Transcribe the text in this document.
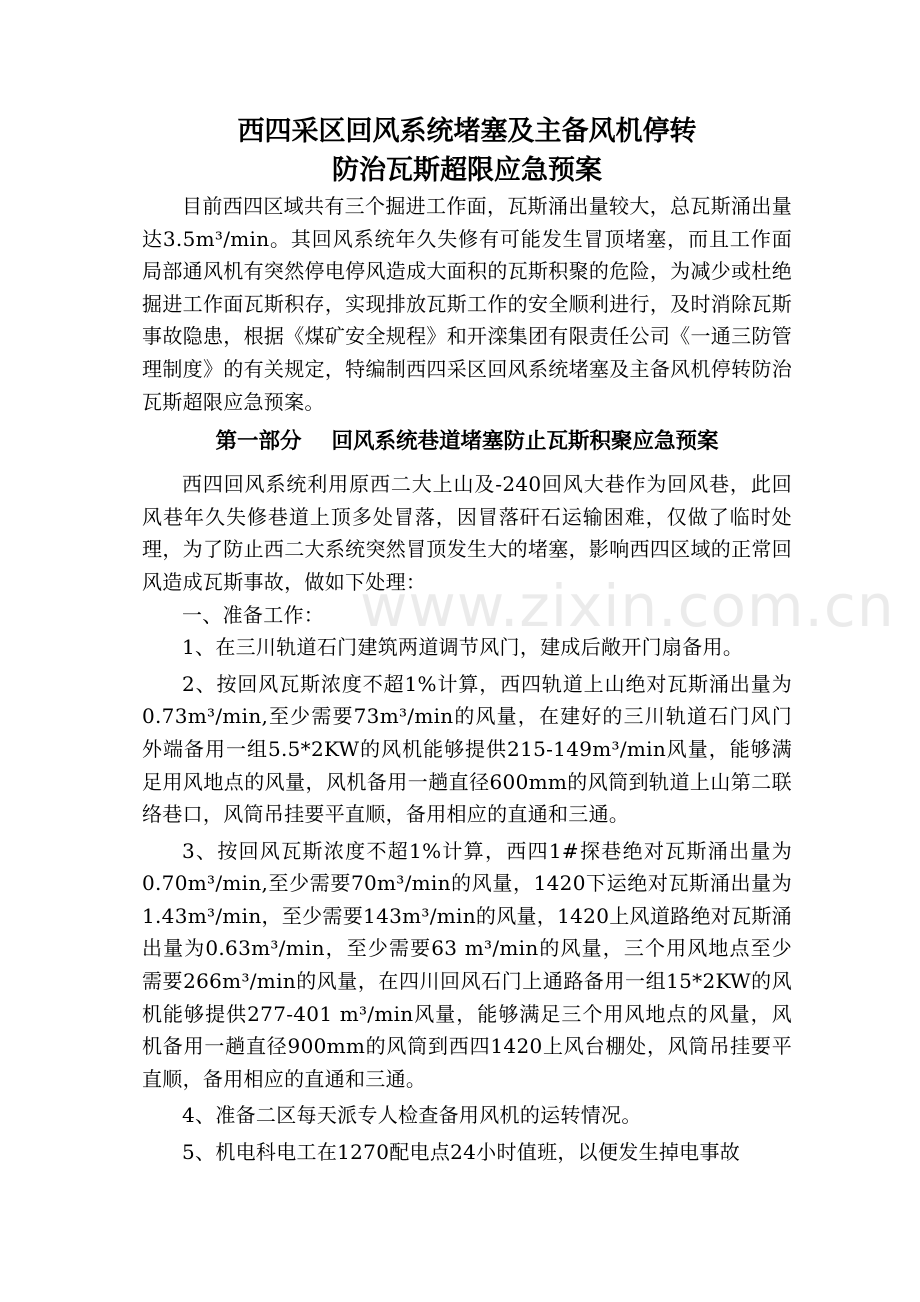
西四采区回风系统堵塞及主备风机停转
防治瓦斯超限应急预案

目前西四区域共有三个掘进工作面，瓦斯涌出量较大，总瓦斯涌出量达3.5m³/min。其回风系统年久失修有可能发生冒顶堵塞，而且工作面局部通风机有突然停电停风造成大面积的瓦斯积聚的危险，为减少或杜绝掘进工作面瓦斯积存，实现排放瓦斯工作的安全顺利进行，及时消除瓦斯事故隐患，根据《煤矿安全规程》和开滦集团有限责任公司《一通三防管理制度》的有关规定，特编制西四采区回风系统堵塞及主备风机停转防治瓦斯超限应急预案。

第一部分    回风系统巷道堵塞防止瓦斯积聚应急预案

西四回风系统利用原西二大上山及-240回风大巷作为回风巷，此回风巷年久失修巷道上顶多处冒落，因冒落矸石运输困难，仅做了临时处理，为了防止西二大系统突然冒顶发生大的堵塞，影响西四区域的正常回风造成瓦斯事故，做如下处理：

一、准备工作：

1、在三川轨道石门建筑两道调节风门，建成后敞开门扇备用。

2、按回风瓦斯浓度不超1%计算，西四轨道上山绝对瓦斯涌出量为0.73m³/min,至少需要73m³/min的风量，在建好的三川轨道石门风门外端备用一组5.5*2KW的风机能够提供215-149m³/min风量，能够满足用风地点的风量，风机备用一趟直径600mm的风筒到轨道上山第二联络巷口，风筒吊挂要平直顺，备用相应的直通和三通。

3、按回风瓦斯浓度不超1%计算，西四1#探巷绝对瓦斯涌出量为0.70m³/min,至少需要70m³/min的风量，1420下运绝对瓦斯涌出量为1.43m³/min，至少需要143m³/min的风量，1420上风道路绝对瓦斯涌出量为0.63m³/min，至少需要63 m³/min的风量，三个用风地点至少需要266m³/min的风量，在四川回风石门上通路备用一组15*2KW的风机能够提供277-401 m³/min风量，能够满足三个用风地点的风量，风机备用一趟直径900mm的风筒到西四1420上风台棚处，风筒吊挂要平直顺，备用相应的直通和三通。

4、准备二区每天派专人检查备用风机的运转情况。

5、机电科电工在1270配电点24小时值班，以便发生掉电事故

www.zixin.com.cn
